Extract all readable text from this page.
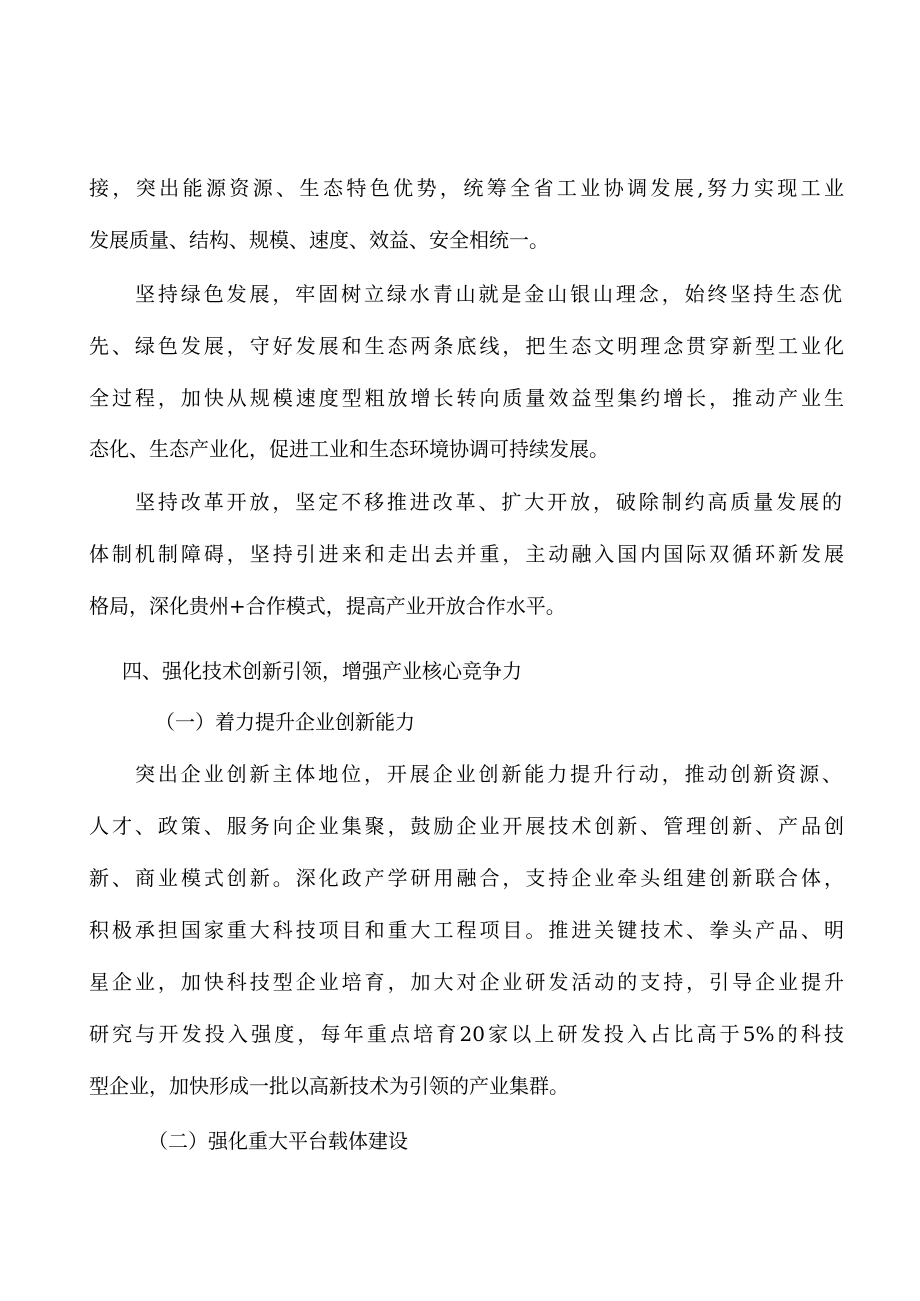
接，突出能源资源、生态特色优势，统筹全省工业协调发展,努力实现工业
发展质量、结构、规模、速度、效益、安全相统一。
坚持绿色发展，牢固树立绿水青山就是金山银山理念，始终坚持生态优
先、绿色发展，守好发展和生态两条底线，把生态文明理念贯穿新型工业化
全过程，加快从规模速度型粗放增长转向质量效益型集约增长，推动产业生
态化、生态产业化，促进工业和生态环境协调可持续发展。
坚持改革开放，坚定不移推进改革、扩大开放，破除制约高质量发展的
体制机制障碍，坚持引进来和走出去并重，主动融入国内国际双循环新发展
格局，深化贵州+合作模式，提高产业开放合作水平。
四、强化技术创新引领，增强产业核心竞争力
（一）着力提升企业创新能力
突出企业创新主体地位，开展企业创新能力提升行动，推动创新资源、
人才、政策、服务向企业集聚，鼓励企业开展技术创新、管理创新、产品创
新、商业模式创新。深化政产学研用融合，支持企业牵头组建创新联合体，
积极承担国家重大科技项目和重大工程项目。推进关键技术、拳头产品、明
星企业，加快科技型企业培育，加大对企业研发活动的支持，引导企业提升
研究与开发投入强度，每年重点培育20家以上研发投入占比高于5%的科技
型企业，加快形成一批以高新技术为引领的产业集群。
（二）强化重大平台载体建设
